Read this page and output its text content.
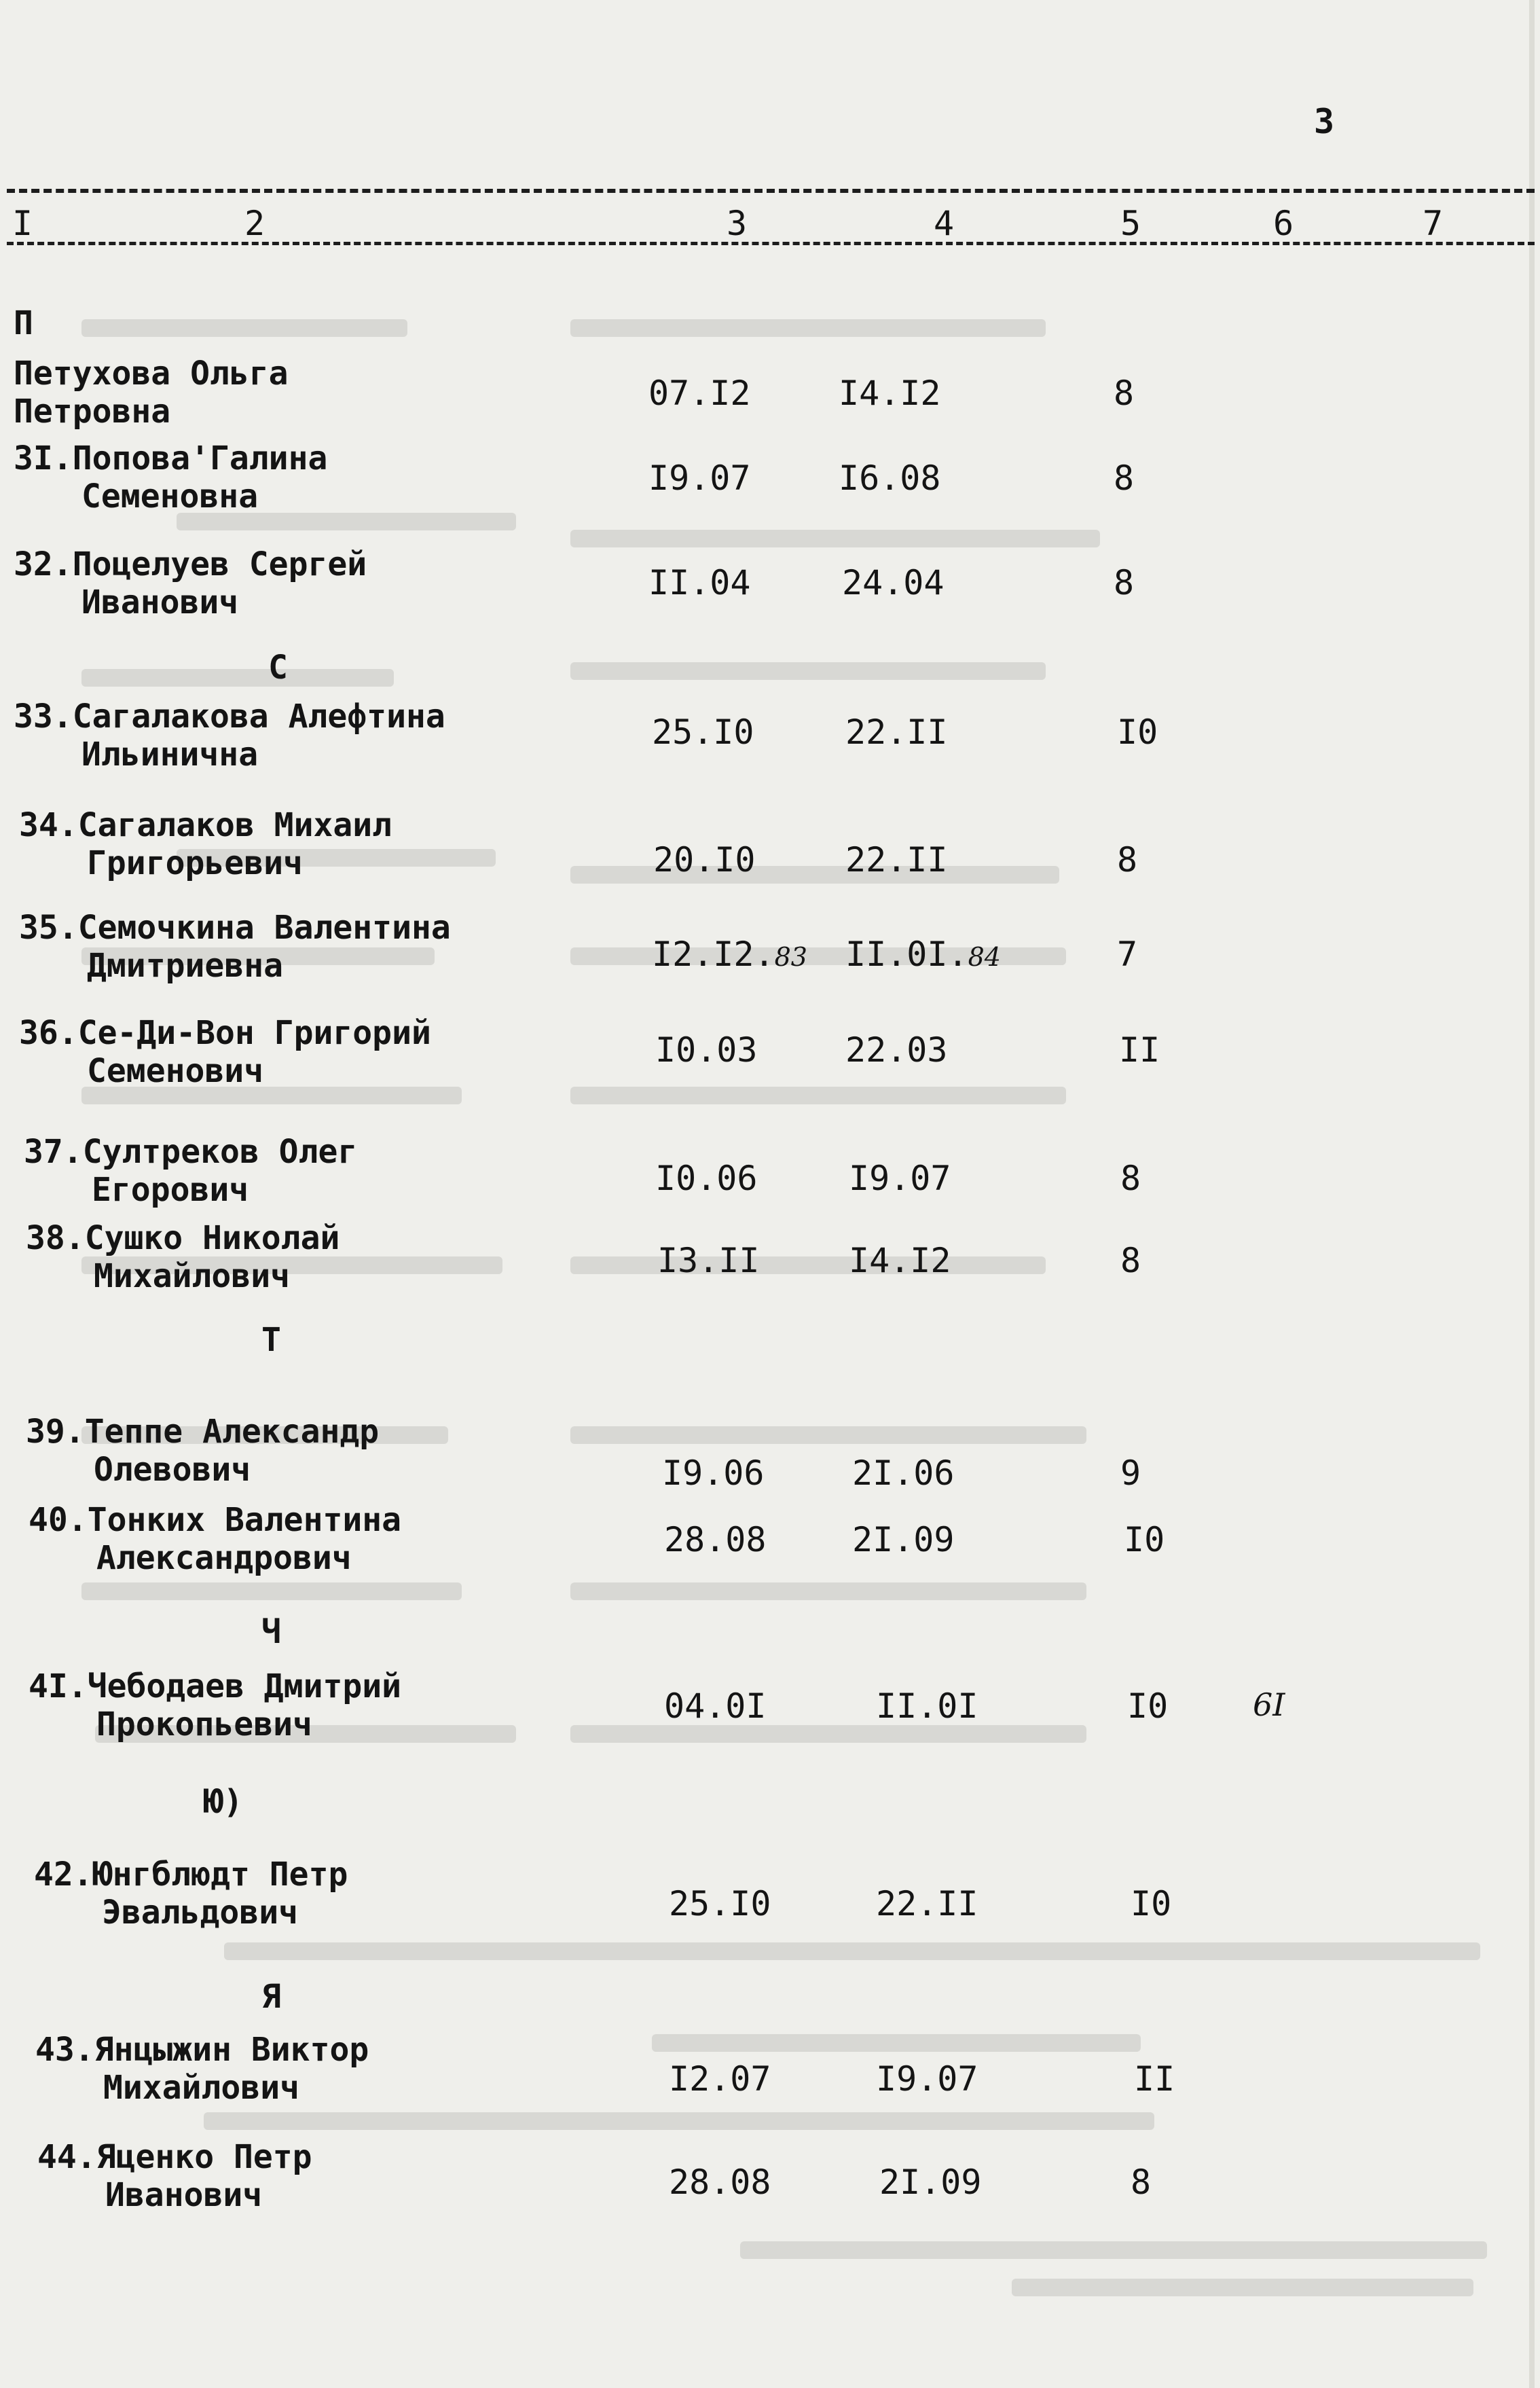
3
I	2	3	4	5	6	7
П
Петухова Ольга
Петровна	07.I2	I4.I2	8
3I.Попова'Галина
Семеновна	I9.07	I6.08	8
32.Поцелуев Сергей
Иванович	II.04	24.04	8
С
33.Сагалакова Алефтина
Ильинична
25.I0	22.II	I0
34.Сагалаков Михаил
Григорьевич	20.I0	22.II	8
35.Семочкина Валентина
Дмитриевна	I2.I2.83 II.0I.84	7
36.Се-Ди-Вон Григорий
Семенович
I0.03	22.03	II
37.Султреков Олег
Егорович	I0.06	I9.07	8
38.Сушко Николай
Михайлович	I3.II	I4.I2	8
Т
39.Теппе Александр
Олевович	I9.06	2I.06	9
40.Тонких Валентина
Александрович	28.08	2I.09	I0
Ч
4I.Чебодаев Дмитрий
Прокопьевич	04.0I	II.0I	I0	6I
Ю)
42.Юнгблюдт Петр
Эвальдович	25.I0	22.II	I0
Я
43.Янцыжин Виктор
Михайлович	I2.07	I9.07	II
44.Яценко Петр
Иванович	28.08	2I.09	8
